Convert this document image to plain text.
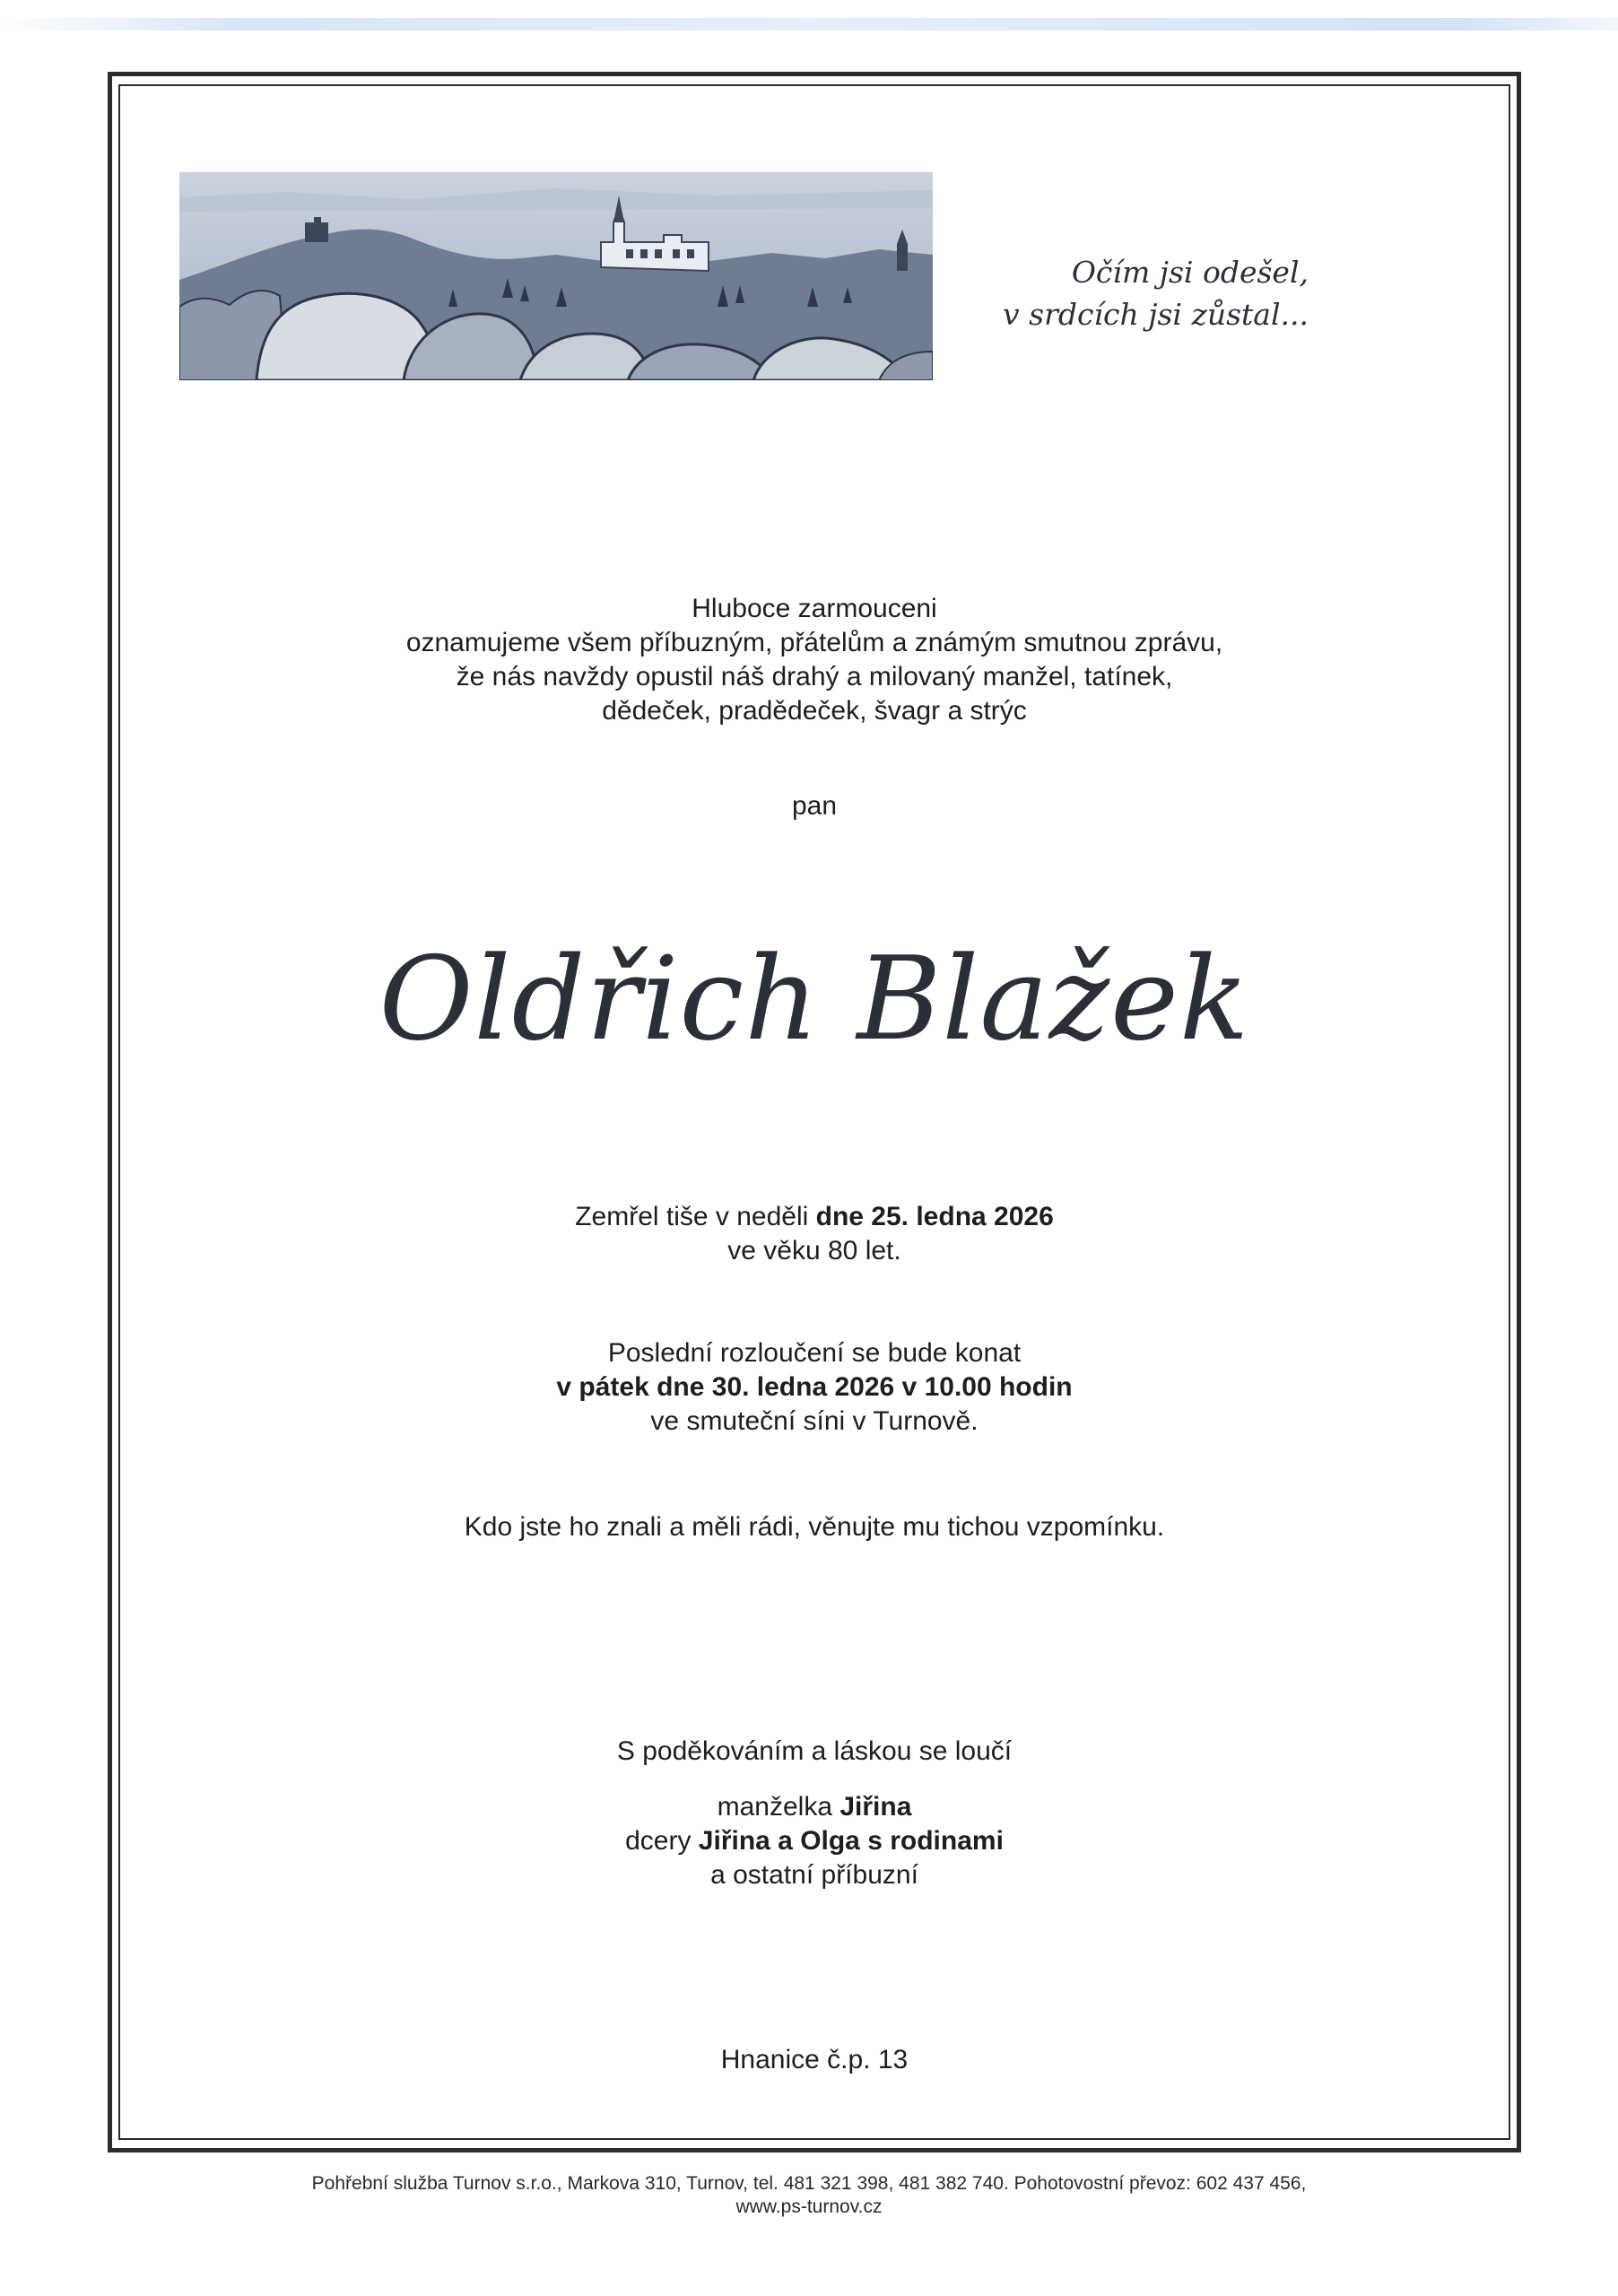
Očím jsi odešel,
v srdcích jsi zůstal...
Hluboce zarmouceni
oznamujeme všem příbuzným, přátelům a známým smutnou zprávu,
že nás navždy opustil náš drahý a milovaný manžel, tatínek,
dědeček, pradědeček, švagr a strýc
pan
Oldřich Blažek
Zemřel tiše v neděli dne 25. ledna 2026
ve věku 80 let.
Poslední rozloučení se bude konat
v pátek dne 30. ledna 2026 v 10.00 hodin
ve smuteční síni v Turnově.
Kdo jste ho znali a měli rádi, věnujte mu tichou vzpomínku.
S poděkováním a láskou se loučí
manželka Jiřina
dcery Jiřina a Olga s rodinami
a ostatní příbuzní
Hnanice č.p. 13
Pohřební služba Turnov s.r.o., Markova 310, Turnov, tel. 481 321 398, 481 382 740. Pohotovostní převoz: 602 437 456,
www.ps-turnov.cz
